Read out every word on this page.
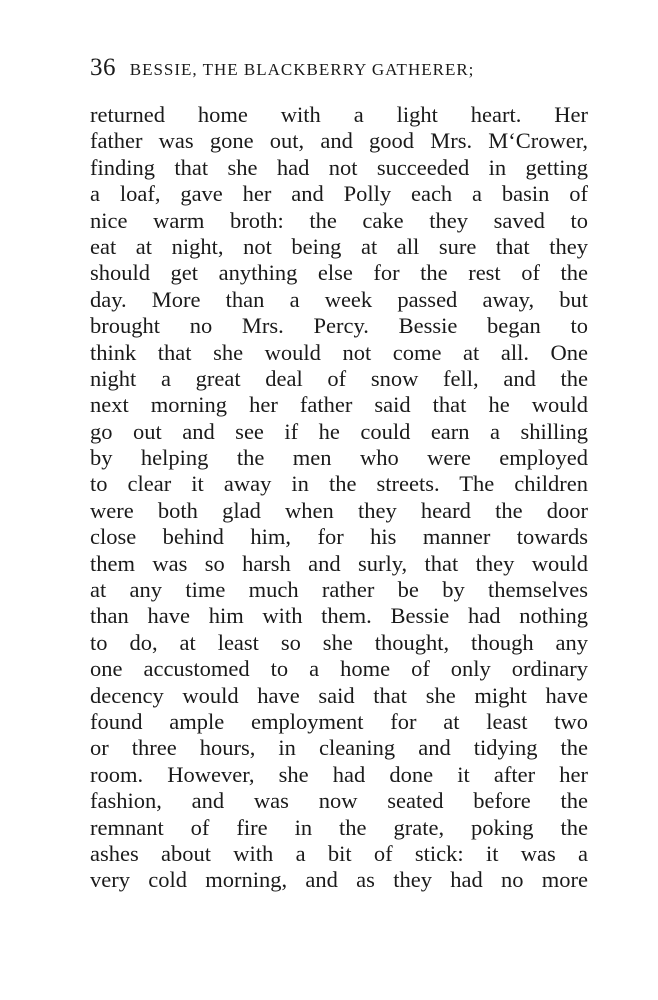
36 BESSIE, THE BLACKBERRY GATHERER;
returned home with a light heart. Her
father was gone out, and good Mrs. M‘Crower,
finding that she had not succeeded in getting
a loaf, gave her and Polly each a basin of
nice warm broth: the cake they saved to
eat at night, not being at all sure that they
should get anything else for the rest of the
day. More than a week passed away, but
brought no Mrs. Percy. Bessie began to
think that she would not come at all. One
night a great deal of snow fell, and the
next morning her father said that he would
go out and see if he could earn a shilling
by helping the men who were employed
to clear it away in the streets. The children
were both glad when they heard the door
close behind him, for his manner towards
them was so harsh and surly, that they would
at any time much rather be by themselves
than have him with them. Bessie had nothing
to do, at least so she thought, though any
one accustomed to a home of only ordinary
decency would have said that she might have
found ample employment for at least two
or three hours, in cleaning and tidying the
room. However, she had done it after her
fashion, and was now seated before the
remnant of fire in the grate, poking the
ashes about with a bit of stick: it was a
very cold morning, and as they had no more
